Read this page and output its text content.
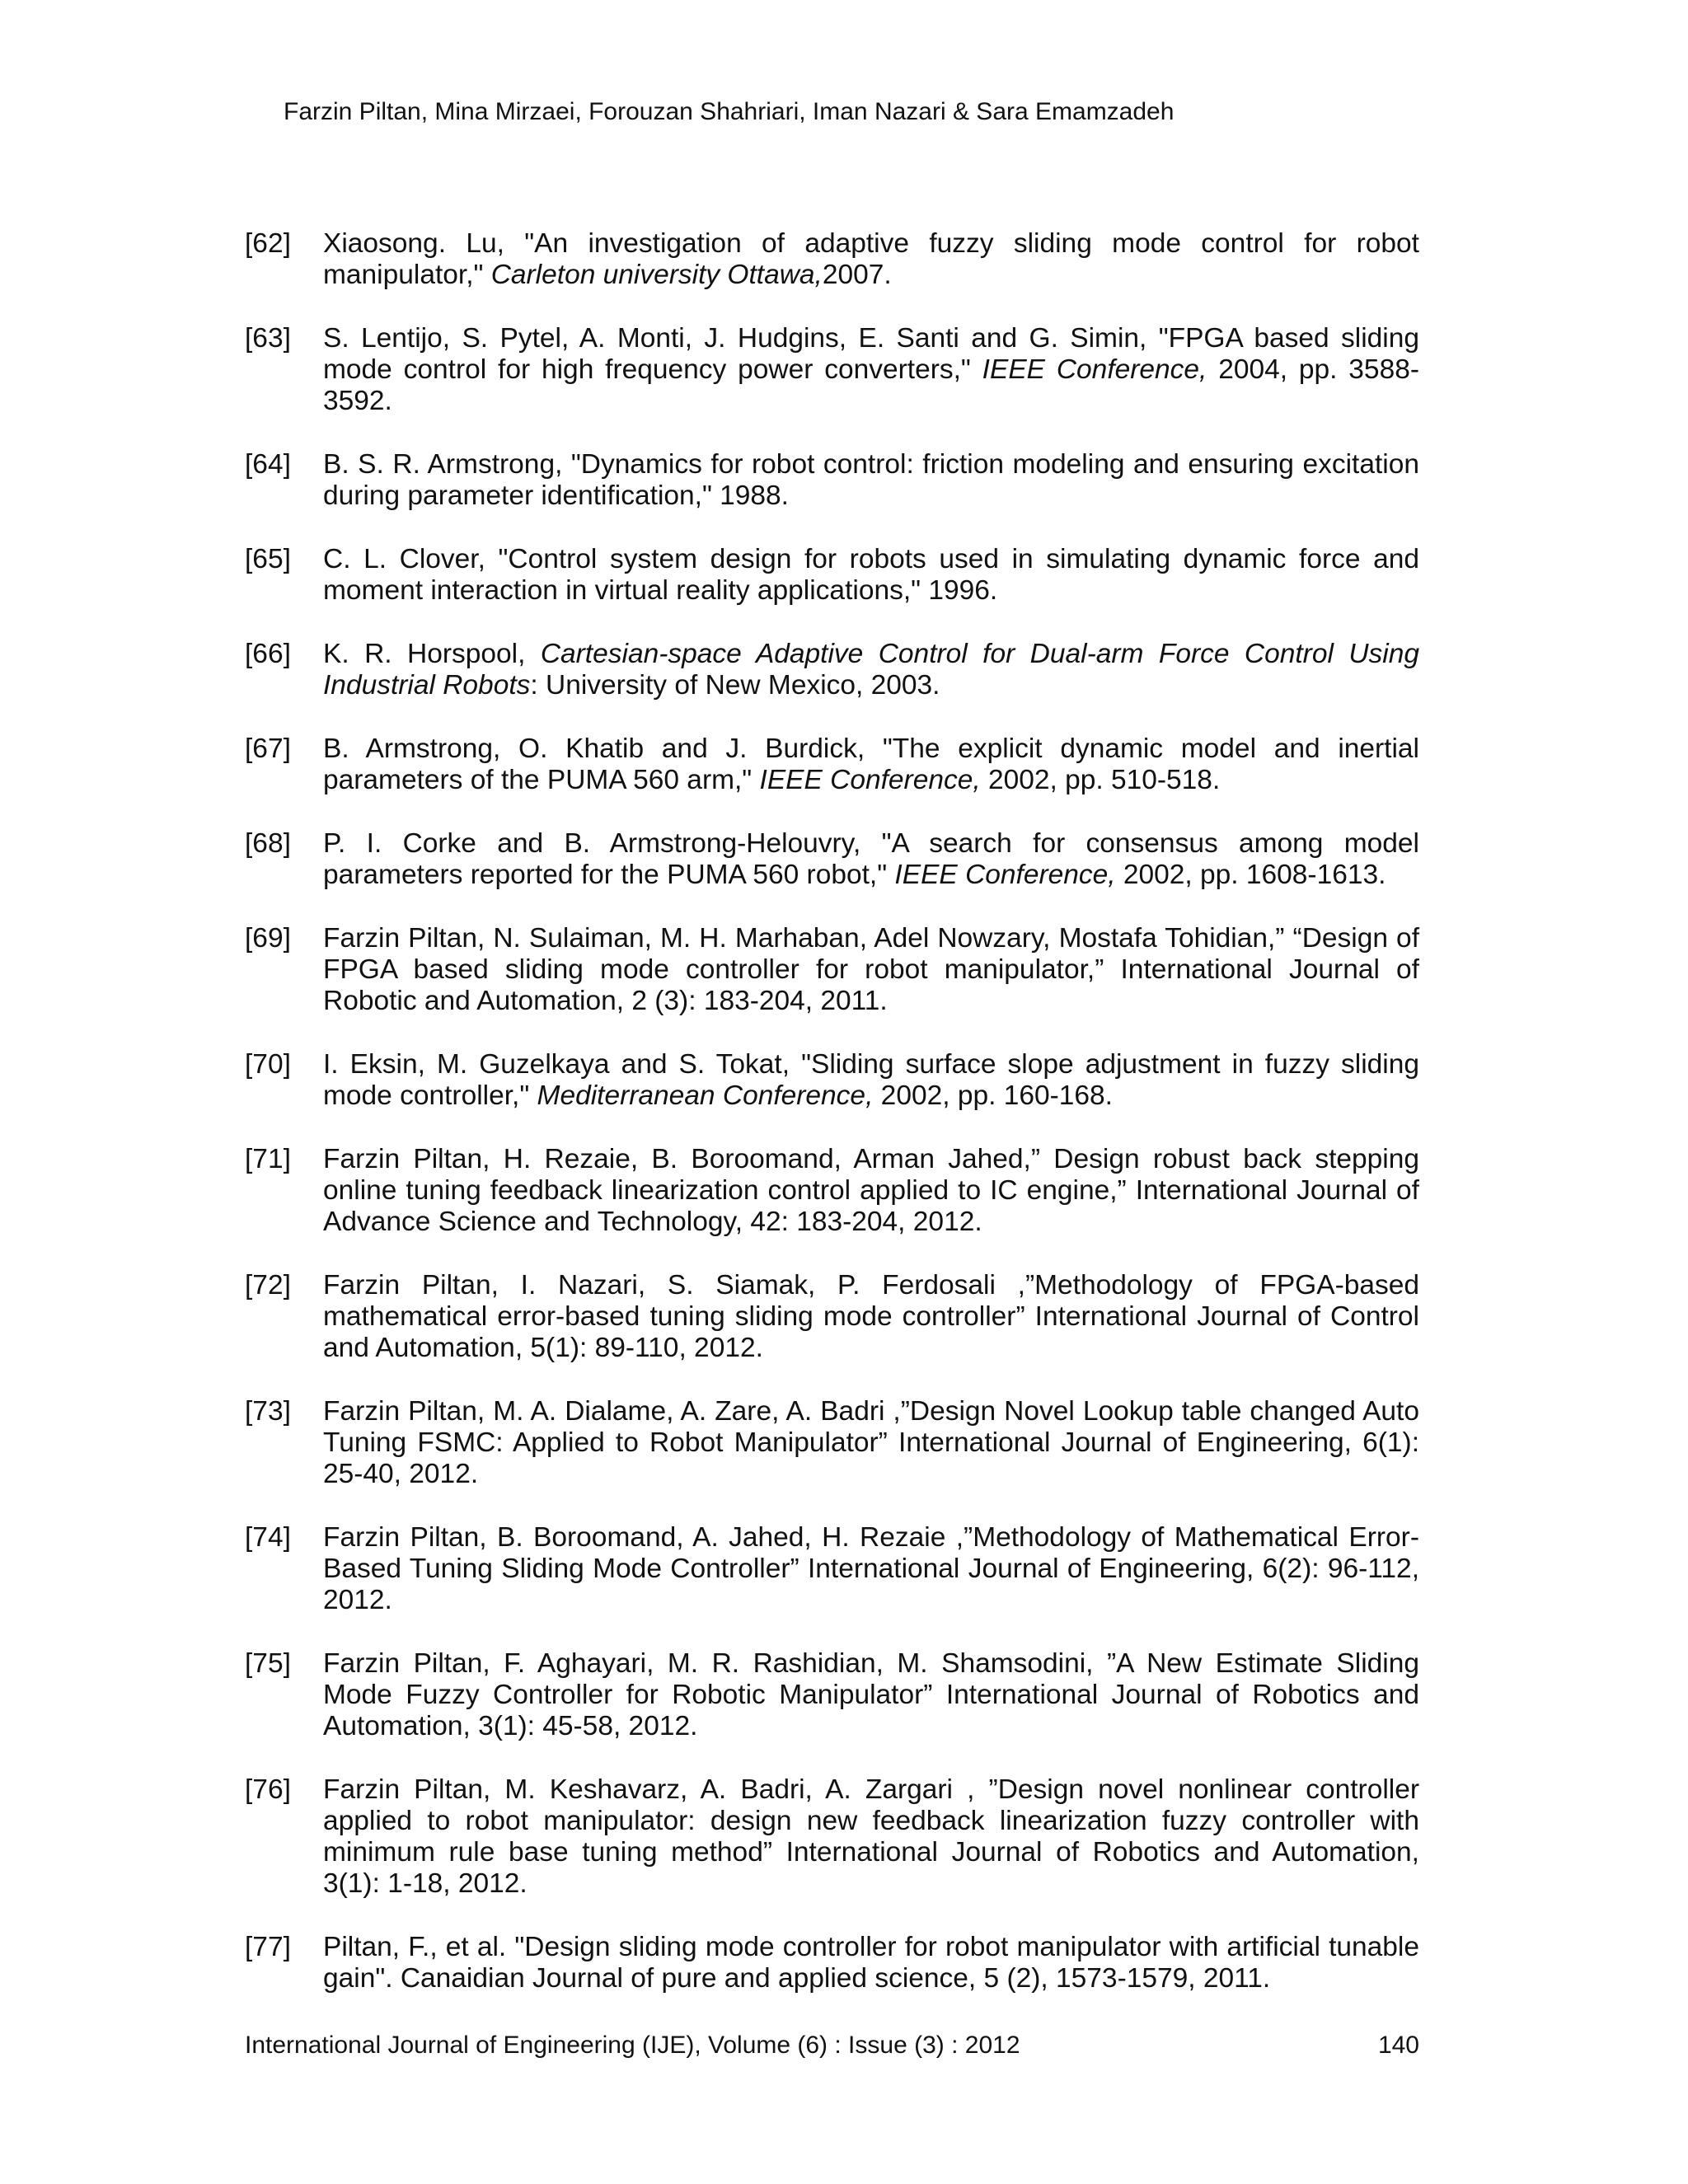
Farzin Piltan, Mina Mirzaei, Forouzan Shahriari, Iman Nazari & Sara Emamzadeh
[62]	Xiaosong. Lu, "An investigation of adaptive fuzzy sliding mode control for robot manipulator," Carleton university Ottawa,2007.
[63]	S. Lentijo, S. Pytel, A. Monti, J. Hudgins, E. Santi and G. Simin, "FPGA based sliding mode control for high frequency power converters," IEEE Conference, 2004, pp. 3588-3592.
[64]	B. S. R. Armstrong, "Dynamics for robot control: friction modeling and ensuring excitation during parameter identification," 1988.
[65]	C. L. Clover, "Control system design for robots used in simulating dynamic force and moment interaction in virtual reality applications," 1996.
[66]	K. R. Horspool, Cartesian-space Adaptive Control for Dual-arm Force Control Using Industrial Robots: University of New Mexico, 2003.
[67]	B. Armstrong, O. Khatib and J. Burdick, "The explicit dynamic model and inertial parameters of the PUMA 560 arm," IEEE Conference, 2002, pp. 510-518.
[68]	P. I. Corke and B. Armstrong-Helouvry, "A search for consensus among model parameters reported for the PUMA 560 robot," IEEE Conference, 2002, pp. 1608-1613.
[69]	Farzin Piltan, N. Sulaiman, M. H. Marhaban, Adel Nowzary, Mostafa Tohidian,” “Design of FPGA based sliding mode controller for robot manipulator,” International Journal of Robotic and Automation, 2 (3): 183-204, 2011.
[70]	I. Eksin, M. Guzelkaya and S. Tokat, "Sliding surface slope adjustment in fuzzy sliding mode controller," Mediterranean Conference, 2002, pp. 160-168.
[71]	Farzin Piltan, H. Rezaie, B. Boroomand, Arman Jahed,” Design robust back stepping online tuning feedback linearization control applied to IC engine,” International Journal of Advance Science and Technology, 42: 183-204, 2012.
[72]	Farzin Piltan, I. Nazari, S. Siamak, P. Ferdosali ,”Methodology of FPGA-based mathematical error-based tuning sliding mode controller” International Journal of Control and Automation, 5(1): 89-110, 2012.
[73]	Farzin Piltan, M. A. Dialame, A. Zare, A. Badri ,”Design Novel Lookup table changed Auto Tuning FSMC: Applied to Robot Manipulator” International Journal of Engineering, 6(1): 25-40, 2012.
[74]	Farzin Piltan, B. Boroomand, A. Jahed, H. Rezaie ,”Methodology of Mathematical Error-Based Tuning Sliding Mode Controller” International Journal of Engineering, 6(2): 96-112, 2012.
[75]	Farzin Piltan, F. Aghayari, M. R. Rashidian, M. Shamsodini, ”A New Estimate Sliding Mode Fuzzy Controller for Robotic Manipulator” International Journal of Robotics and Automation, 3(1): 45-58, 2012.
[76]	Farzin Piltan, M. Keshavarz, A. Badri, A. Zargari , ”Design novel nonlinear controller applied to robot manipulator: design new feedback linearization fuzzy controller with minimum rule base tuning method” International Journal of Robotics and Automation, 3(1): 1-18, 2012.
[77]	Piltan, F., et al. "Design sliding mode controller for robot manipulator with artificial tunable gain". Canaidian Journal of pure and applied science, 5 (2), 1573-1579, 2011.
International Journal of Engineering (IJE), Volume (6) : Issue (3) : 2012	140
